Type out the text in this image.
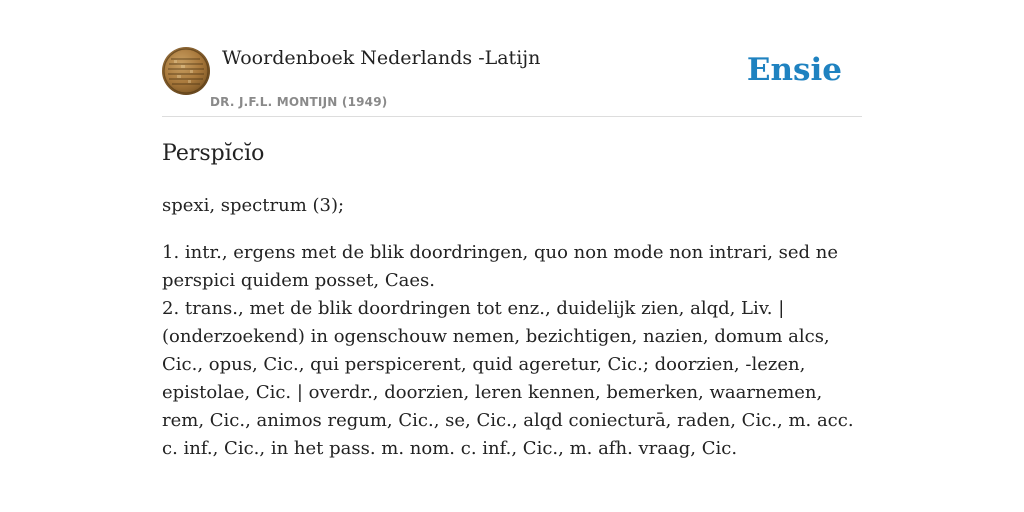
Woordenboek Nederlands -Latijn
DR. J.F.L. MONTIJN (1949)
Ensie
Perspĭcĭo

spexi, spectrum (3);

1. intr., ergens met de blik doordringen, quo non mode non intrari, sed ne perspici quidem posset, Caes.
2. trans., met de blik doordringen tot enz., duidelijk zien, alqd, Liv. | (onderzoekend) in ogenschouw nemen, bezichtigen, nazien, domum alcs, Cic., opus, Cic., qui perspicerent, quid ageretur, Cic.; doorzien, -lezen, epistolae, Cic. | overdr., doorzien, leren kennen, bemerken, waarnemen, rem, Cic., animos regum, Cic., se, Cic., alqd coniecturā, raden, Cic., m. acc. c. inf., Cic., in het pass. m. nom. c. inf., Cic., m. afh. vraag, Cic.
